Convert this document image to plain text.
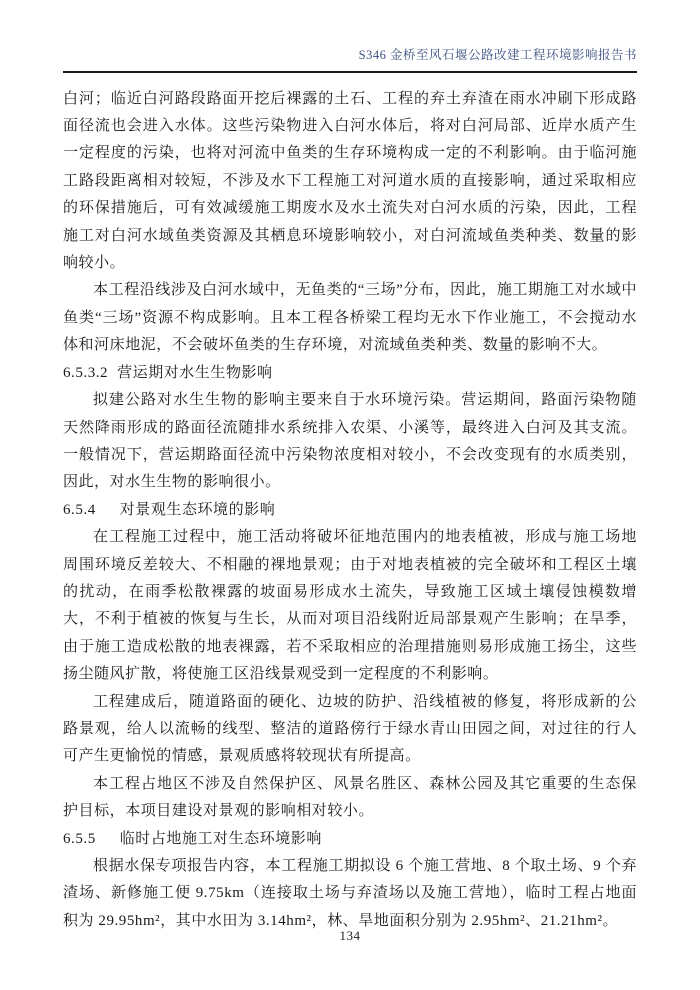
S346 金桥至风石堰公路改建工程环境影响报告书

白河；临近白河路段路面开挖后裸露的土石、工程的弃土弃渣在雨水冲刷下形成路面径流也会进入水体。这些污染物进入白河水体后，将对白河局部、近岸水质产生一定程度的污染，也将对河流中鱼类的生存环境构成一定的不利影响。由于临河施工路段距离相对较短，不涉及水下工程施工对河道水质的直接影响，通过采取相应的环保措施后，可有效减缓施工期废水及水土流失对白河水质的污染，因此，工程施工对白河水域鱼类资源及其栖息环境影响较小，对白河流域鱼类种类、数量的影响较小。

本工程沿线涉及白河水域中，无鱼类的“三场”分布，因此，施工期施工对水域中鱼类“三场”资源不构成影响。且本工程各桥梁工程均无水下作业施工，不会搅动水体和河床地泥，不会破坏鱼类的生存环境，对流域鱼类种类、数量的影响不大。

6.5.3.2 营运期对水生生物影响

拟建公路对水生生物的影响主要来自于水环境污染。营运期间，路面污染物随天然降雨形成的路面径流随排水系统排入农渠、小溪等，最终进入白河及其支流。一般情况下，营运期路面径流中污染物浓度相对较小，不会改变现有的水质类别，因此，对水生生物的影响很小。

6.5.4 对景观生态环境的影响

在工程施工过程中，施工活动将破坏征地范围内的地表植被，形成与施工场地周围环境反差较大、不相融的裸地景观；由于对地表植被的完全破坏和工程区土壤的扰动，在雨季松散裸露的坡面易形成水土流失，导致施工区域土壤侵蚀模数增大，不利于植被的恢复与生长，从而对项目沿线附近局部景观产生影响；在旱季，由于施工造成松散的地表裸露，若不采取相应的治理措施则易形成施工扬尘，这些扬尘随风扩散，将使施工区沿线景观受到一定程度的不利影响。

工程建成后，随道路面的硬化、边坡的防护、沿线植被的修复，将形成新的公路景观，给人以流畅的线型、整洁的道路傍行于绿水青山田园之间，对过往的行人可产生更愉悦的情感，景观质感将较现状有所提高。

本工程占地区不涉及自然保护区、风景名胜区、森林公园及其它重要的生态保护目标，本项目建设对景观的影响相对较小。

6.5.5 临时占地施工对生态环境影响

根据水保专项报告内容，本工程施工期拟设 6 个施工营地、8 个取土场、9 个弃渣场、新修施工便 9.75km（连接取土场与弃渣场以及施工营地），临时工程占地面积为 29.95hm²，其中水田为 3.14hm²，林、旱地面积分别为 2.95hm²、21.21hm²。

134
